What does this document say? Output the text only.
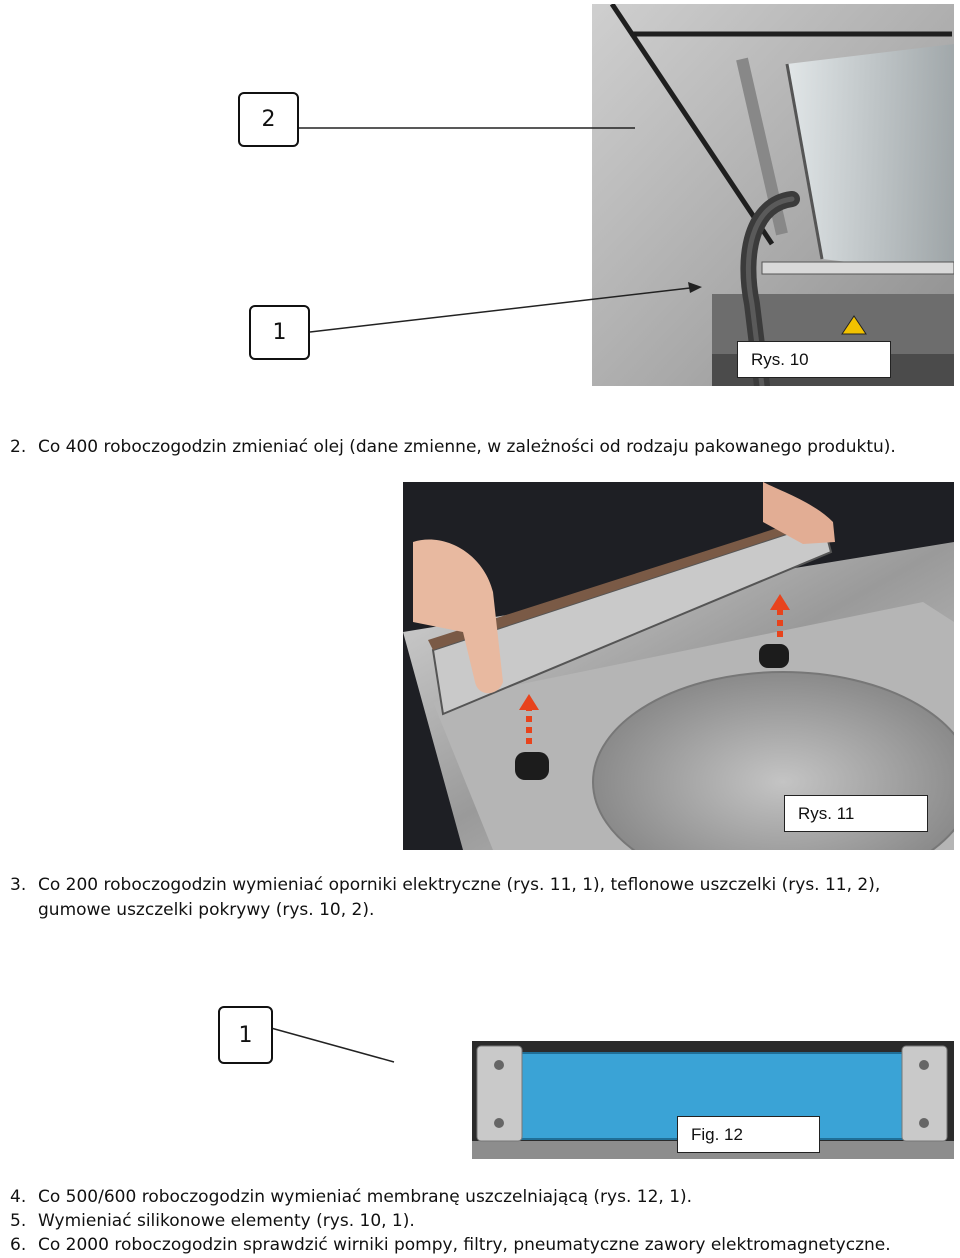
2
1
Rys. 10

2. Co 400 roboczogodzin zmieniać olej (dane zmienne, w zależności od rodzaju pakowanego produktu).

Rys. 11

3. Co 200 roboczogodzin wymieniać oporniki elektryczne (rys. 11, 1), teflonowe uszczelki (rys. 11, 2),
gumowe uszczelki pokrywy (rys. 10, 2).

1
Fig. 12

4. Co 500/600 roboczogodzin wymieniać membranę uszczelniającą (rys. 12, 1).

5. Wymieniać silikonowe elementy (rys. 10, 1).

6. Co 2000 roboczogodzin sprawdzić wirniki pompy, filtry, pneumatyczne zawory elektromagnetyczne.
